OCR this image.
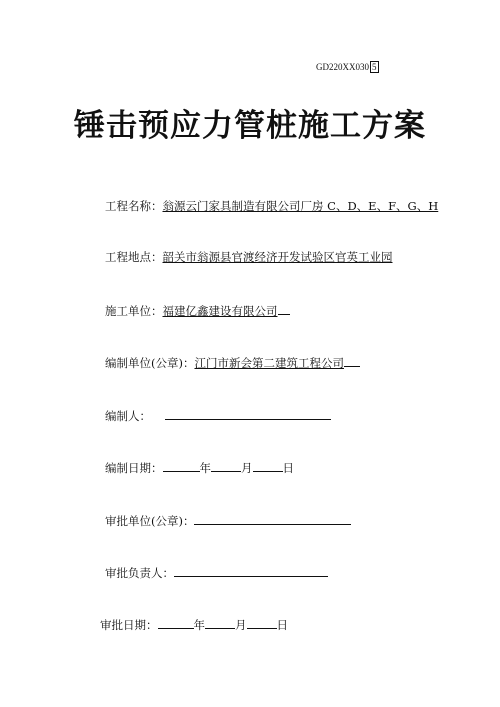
GD220XX030 5
锤击预应力管桩施工方案
工程名称：翁源云门家具制造有限公司厂房 C、D、E、F、G、H
工程地点：韶关市翁源县官渡经济开发试验区官英工业园
施工单位：福建亿鑫建设有限公司
编制单位(公章)：江门市新会第二建筑工程公司
编制人：
编制日期：	年	月	日
审批单位(公章)：
审批负责人：
审批日期：	年	月	日
